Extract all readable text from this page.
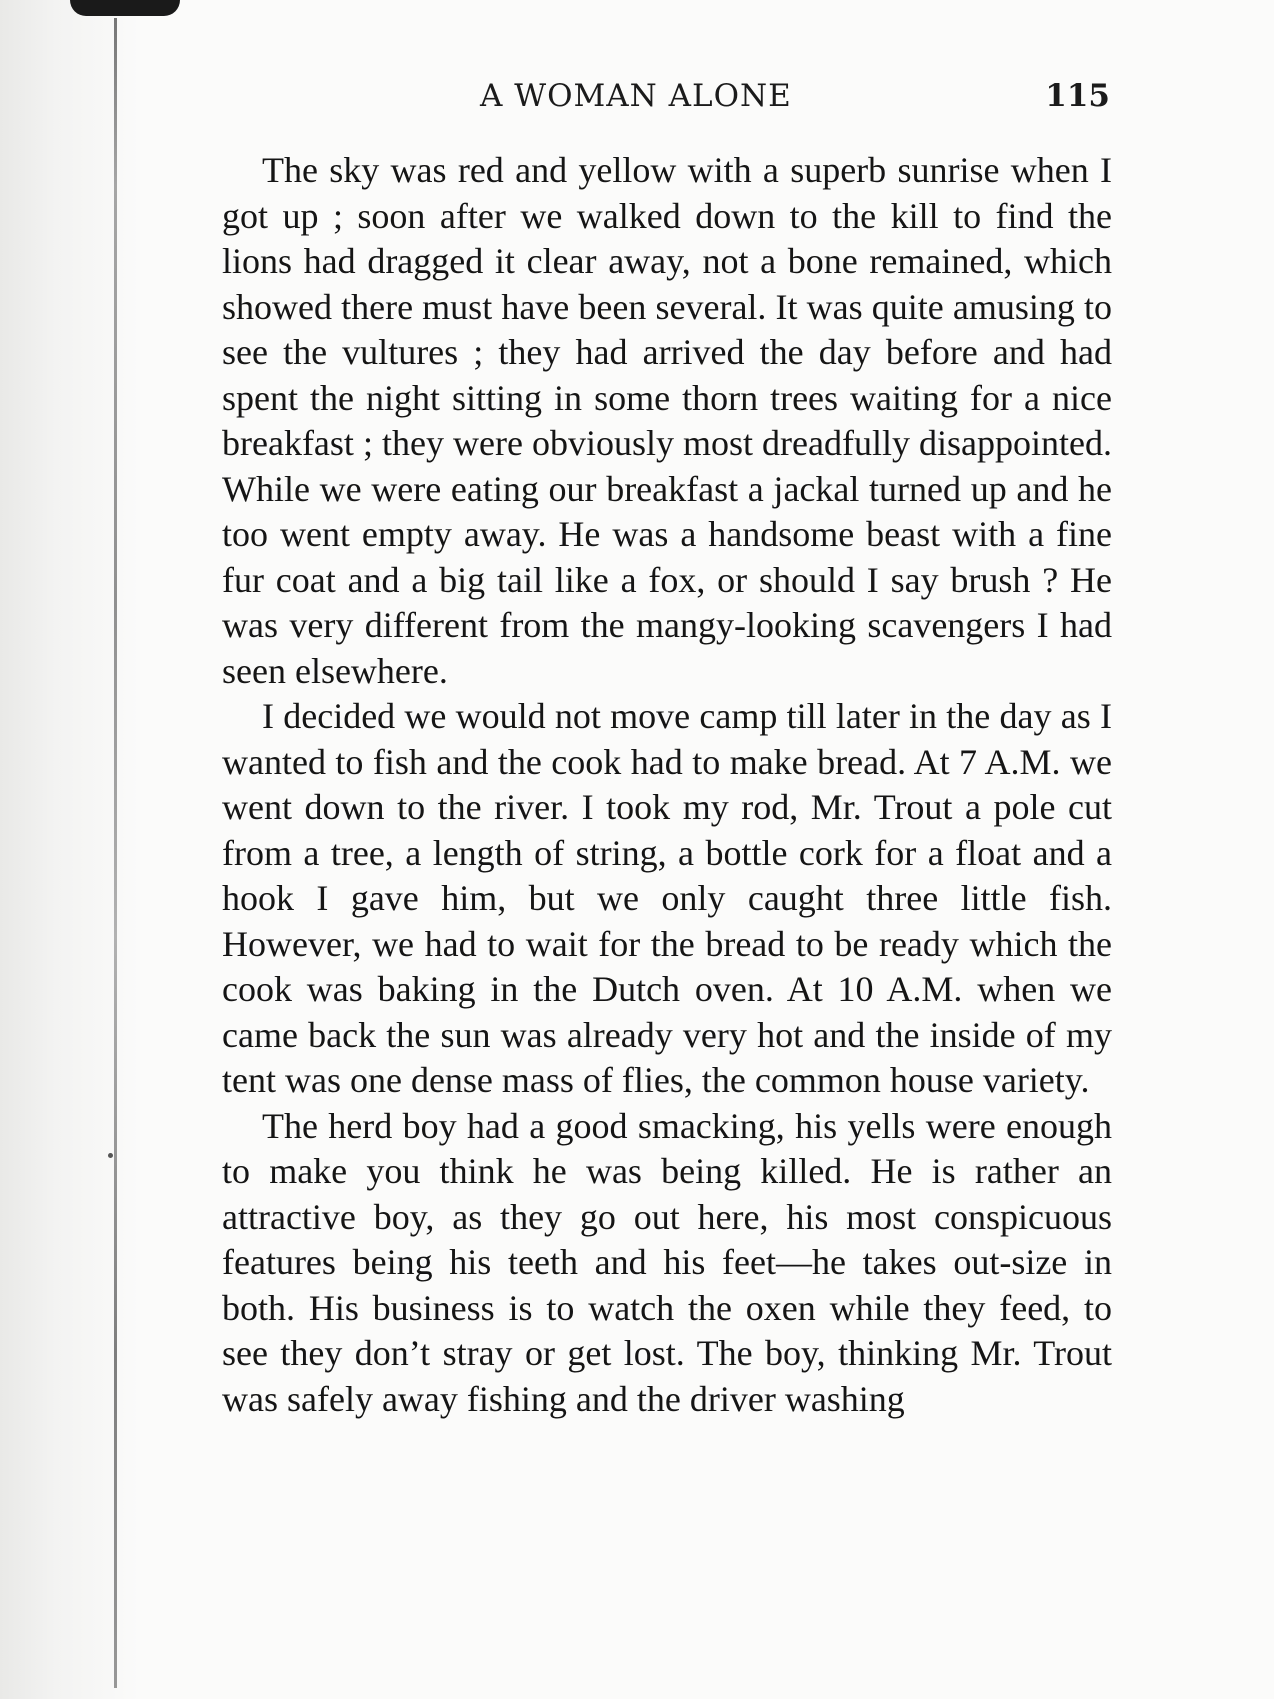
A WOMAN ALONE	115

The sky was red and yellow with a superb sunrise when I got up ; soon after we walked down to the kill to find the lions had dragged it clear away, not a bone remained, which showed there must have been several. It was quite amusing to see the vultures ; they had arrived the day before and had spent the night sitting in some thorn trees waiting for a nice breakfast ; they were obviously most dreadfully disappointed. While we were eating our breakfast a jackal turned up and he too went empty away. He was a handsome beast with a fine fur coat and a big tail like a fox, or should I say brush ? He was very different from the mangy-looking scavengers I had seen elsewhere.

I decided we would not move camp till later in the day as I wanted to fish and the cook had to make bread. At 7 A.M. we went down to the river. I took my rod, Mr. Trout a pole cut from a tree, a length of string, a bottle cork for a float and a hook I gave him, but we only caught three little fish. However, we had to wait for the bread to be ready which the cook was baking in the Dutch oven. At 10 A.M. when we came back the sun was already very hot and the inside of my tent was one dense mass of flies, the common house variety.

The herd boy had a good smacking, his yells were enough to make you think he was being killed. He is rather an attractive boy, as they go out here, his most conspicuous features being his teeth and his feet—he takes out-size in both. His business is to watch the oxen while they feed, to see they don’t stray or get lost. The boy, thinking Mr. Trout was safely away fishing and the driver washing
